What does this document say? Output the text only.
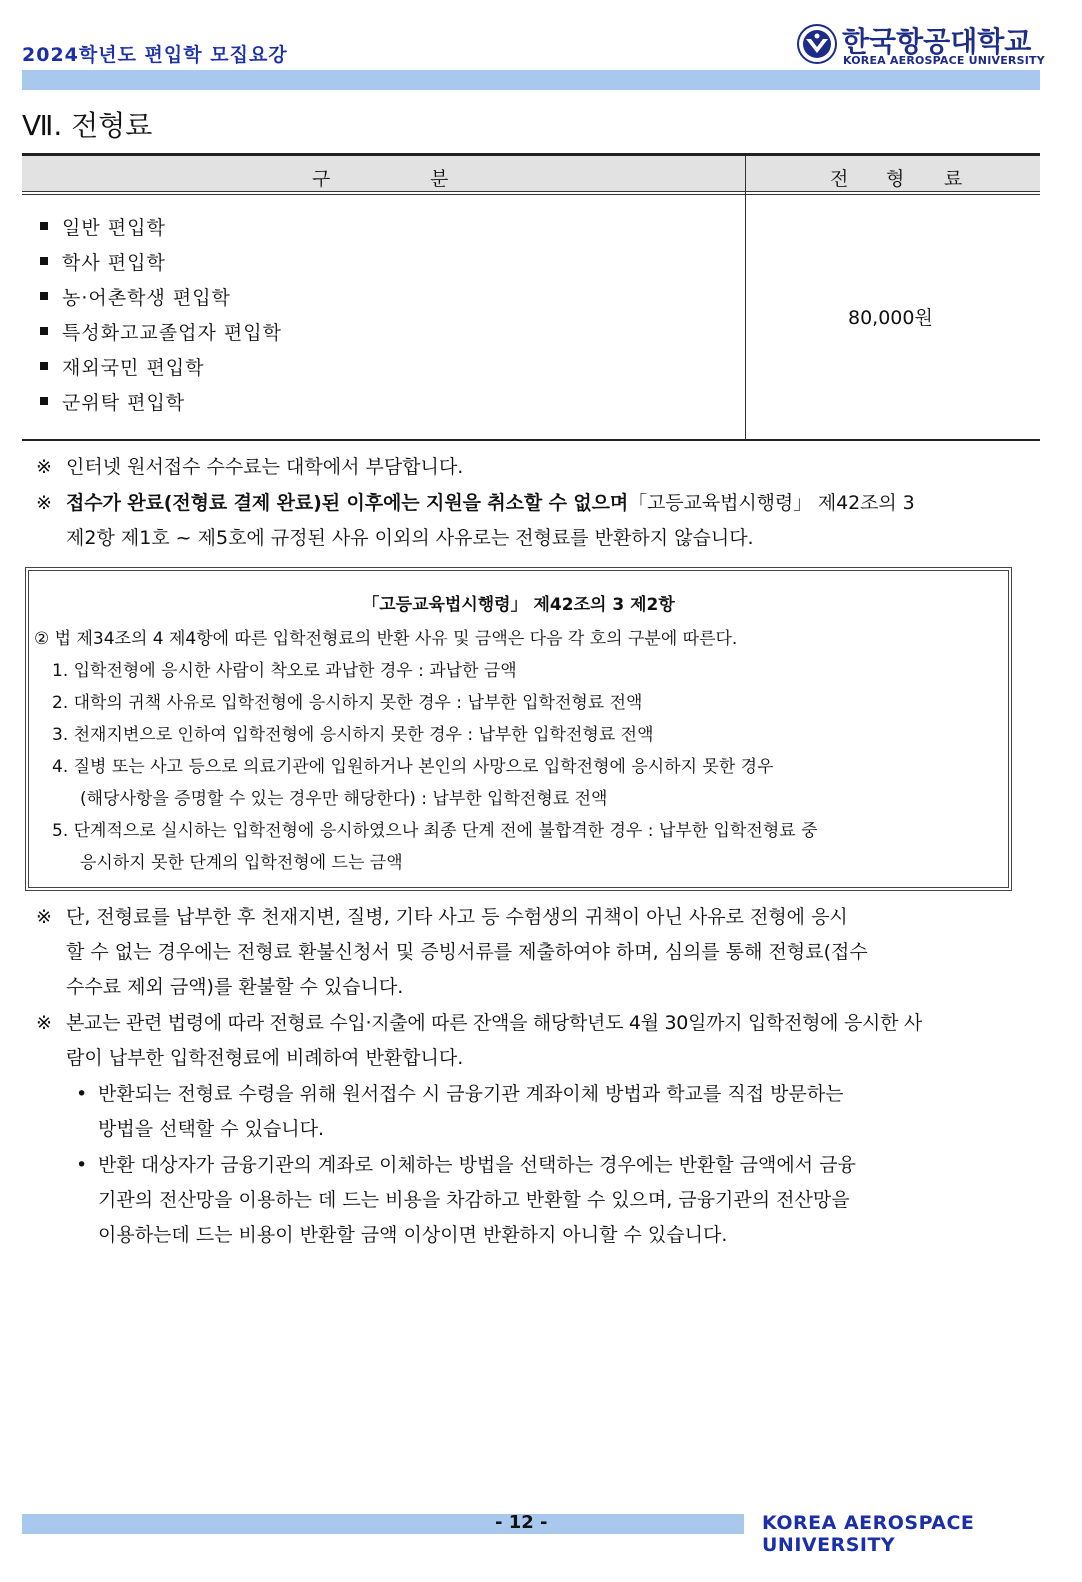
2024학년도 편입학 모집요강	한국항공대학교
KOREA AEROSPACE UNIVERSITY
Ⅶ. 전형료
구	분	전 형 료
일반 편입학
학사 편입학
농·어촌학생 편입학
특성화고교졸업자 편입학
재외국민 편입학
군위탁 편입학
80,000원
※ 인터넷 원서접수 수수료는 대학에서 부담합니다.
※ 접수가 완료(전형료 결제 완료)된 이후에는 지원을 취소할 수 없으며「고등교육법시행령」 제42조의 3
제2항 제1호 ~ 제5호에 규정된 사유 이외의 사유로는 전형료를 반환하지 않습니다.
「고등교육법시행령」 제42조의 3 제2항
② 법 제34조의 4 제4항에 따른 입학전형료의 반환 사유 및 금액은 다음 각 호의 구분에 따른다.
1. 입학전형에 응시한 사람이 착오로 과납한 경우 : 과납한 금액
2. 대학의 귀책 사유로 입학전형에 응시하지 못한 경우 : 납부한 입학전형료 전액
3. 천재지변으로 인하여 입학전형에 응시하지 못한 경우 : 납부한 입학전형료 전액
4. 질병 또는 사고 등으로 의료기관에 입원하거나 본인의 사망으로 입학전형에 응시하지 못한 경우
(해당사항을 증명할 수 있는 경우만 해당한다) : 납부한 입학전형료 전액
5. 단계적으로 실시하는 입학전형에 응시하였으나 최종 단계 전에 불합격한 경우 : 납부한 입학전형료 중
응시하지 못한 단계의 입학전형에 드는 금액
※ 단, 전형료를 납부한 후 천재지변, 질병, 기타 사고 등 수험생의 귀책이 아닌 사유로 전형에 응시
할 수 없는 경우에는 전형료 환불신청서 및 증빙서류를 제출하여야 하며, 심의를 통해 전형료(접수
수수료 제외 금액)를 환불할 수 있습니다.
※ 본교는 관련 법령에 따라 전형료 수입·지출에 따른 잔액을 해당학년도 4월 30일까지 입학전형에 응시한 사
람이 납부한 입학전형료에 비례하여 반환합니다.
• 반환되는 전형료 수령을 위해 원서접수 시 금융기관 계좌이체 방법과 학교를 직접 방문하는
방법을 선택할 수 있습니다.
• 반환 대상자가 금융기관의 계좌로 이체하는 방법을 선택하는 경우에는 반환할 금액에서 금융
기관의 전산망을 이용하는 데 드는 비용을 차감하고 반환할 수 있으며, 금융기관의 전산망을
이용하는데 드는 비용이 반환할 금액 이상이면 반환하지 아니할 수 있습니다.
- 12 -	KOREA AEROSPACE UNIVERSITY
